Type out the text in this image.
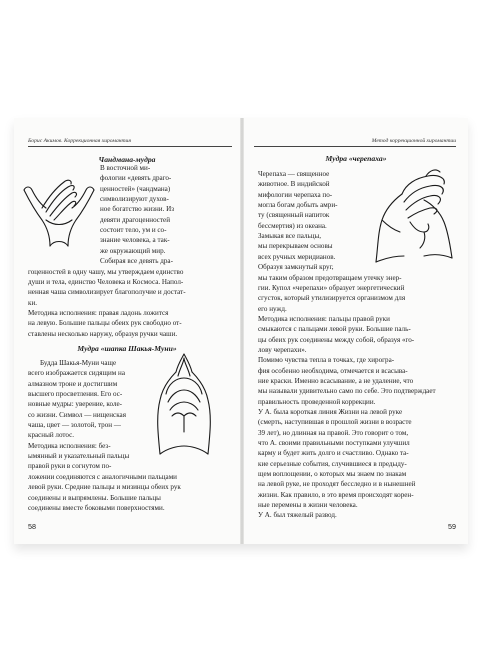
Борис Акимов. Коррекционная хиромантия
Чандмана-мудра
В восточной ми-
фологии «девять драго-
ценностей» (чандмана)
символизируют духов-
ное богатство жизни. Из
девяти драгоценностей
состоит тело, ум и со-
знание человека, а так-
же окружающий мир.
Собирая все девять дра-
гоценностей в одну чашу, мы утверждаем единство
души и тела, единство Человека и Космоса. Напол-
ненная чаша символизирует благополучие и достат-
ки.
Методика исполнения: правая ладонь ложится
на левую. Большие пальцы обеих рук свободно от-
ставлены несколько наружу, образуя ручки чаши.
Мудра «шапка Шакья-Муни»
Будда Шакья-Муни чаще
всего изображается сидящим на
алмазном троне и достигшим
высшего просветления. Его ос-
новные мудры: уверение, коле-
со жизни. Символ — нищенская
чаша, цвет — золотой, трон —
красный лотос.
Методика исполнения: без-
ымянный и указательный пальцы
правой руки в согнутом по-
ложении соединяются с аналогичными пальцами
левой руки. Средние пальцы и мизинцы обеих рук
соединены и выпрямлены. Большие пальцы
соединены вместе боковыми поверхностями.
58
Метод коррекционной хиромантии
Мудра «черепаха»
Черепаха — священное
животное. В индийской
мифологии черепаха по-
могла богам добыть амри-
ту (священный напиток
бессмертия) из океана.
Замыкая все пальцы,
мы перекрываем основы
всех ручных меридианов.
Образуя замкнутый круг,
мы таким образом предотвращаем утечку энер-
гии. Купол «черепахи» образует энергетический
сгусток, который утилизируется организмом для
его нужд.
Методика исполнения: пальцы правой руки
смыкаются с пальцами левой руки. Большие паль-
цы обеих рук соединены между собой, образуя «го-
лову черепахи».
Помимо чувства тепла в точках, где хирогра-
фия особенно необходима, отмечается и всасыва-
ние краски. Именно всасывание, а не удаление, что
мы называли удивительно само по себе. Это подтверждает
правильность проведенной коррекции.
У А. была короткая линия Жизни на левой руке
(смерть, наступившая в прошлой жизни в возрасте
39 лет), но длинная на правой. Это говорит о том,
что А. своими правильными поступками улучшил
карму и будет жить долго и счастливо. Однако та-
кие серьезные события, случившиеся в предыду-
щем воплощении, о которых мы знаем по знакам
на левой руке, не проходят бесследно и в нынешней
жизни. Как правило, в это время происходят корен-
ные перемены в жизни человека.
У А. был тяжелый развод.
59
